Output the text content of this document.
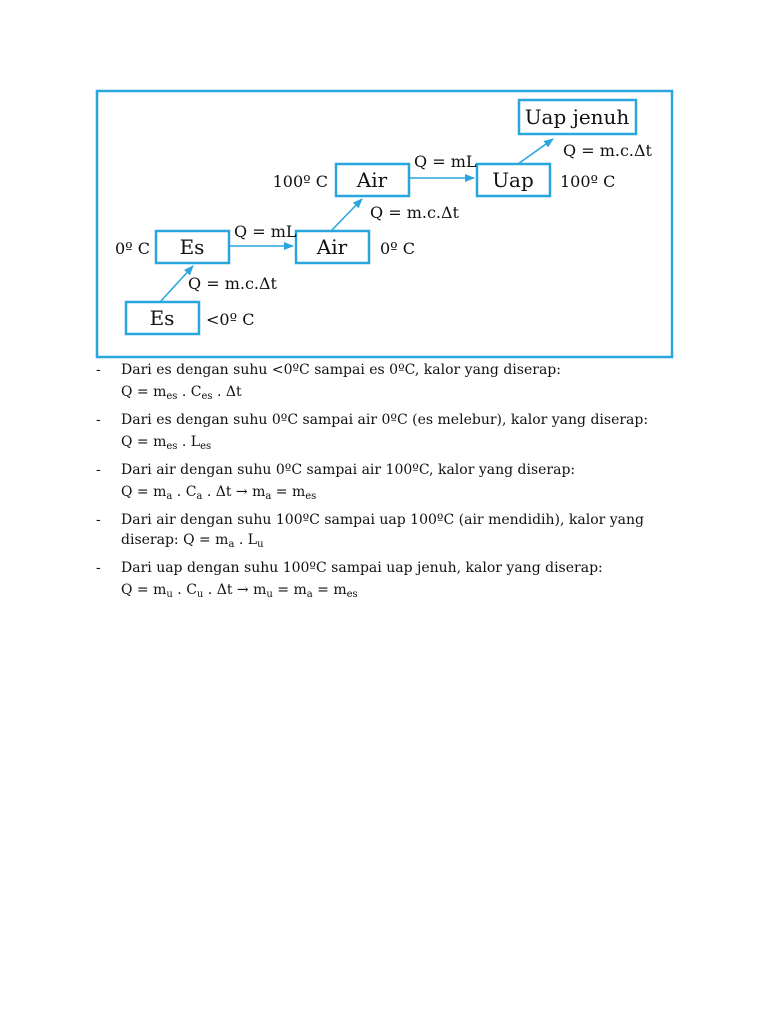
Uap jenuh
Uap 100º C
Air
100º C
Air 0º C
Es
0º C
Es <0º C
Q = m.c.Δt
Q = mL
Q = m.c.Δt
Q = mL
Q = m.c.Δt
- Dari es dengan suhu <0ºC sampai es 0ºC, kalor yang diserap:
$Q = m_{es}$ . $C_{es}$ . Δt
- Dari es dengan suhu 0ºC sampai air 0ºC (es melebur), kalor yang diserap:
$Q = m_{es}$ . $L_{es}$
- Dari air dengan suhu 0ºC sampai air 100ºC, kalor yang diserap:
$Q = m_a$ . $C_a$ . $\Delta t \to m_a = m_{es}$
- Dari air dengan suhu 100ºC sampai uap 100ºC (air mendidih), kalor yang diserap: $Q = m_a$ . $L_u$
- Dari uap dengan suhu 100ºC sampai uap jenuh, kalor yang diserap:
$Q = m_u$ . $C_u$ . $\Delta t \to m_u = m_a = m_{es}$
